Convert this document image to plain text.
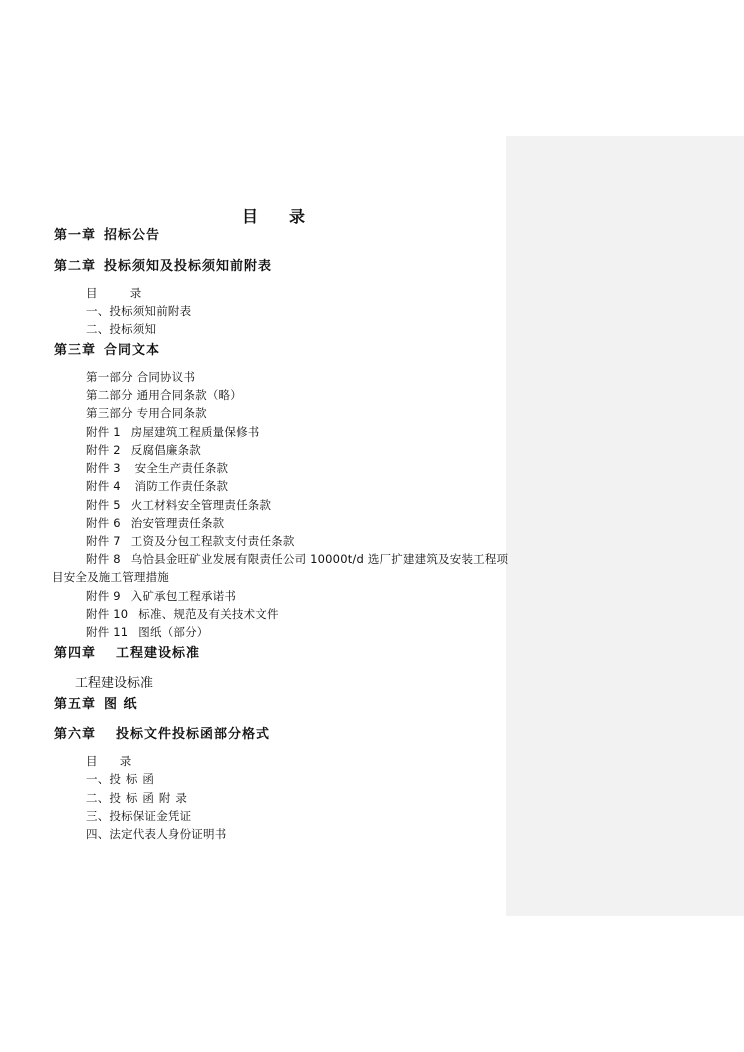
目 录
第一章 招标公告
第二章 投标须知及投标须知前附表
目	录
一、投标须知前附表
二、投标须知
第三章 合同文本
第一部分 合同协议书
第二部分 通用合同条款（略）
第三部分 专用合同条款
附件 1 房屋建筑工程质量保修书
附件 2 反腐倡廉条款
附件 3 安全生产责任条款
附件 4 消防工作责任条款
附件 5 火工材料安全管理责任条款
附件 6 治安管理责任条款
附件 7 工资及分包工程款支付责任条款
附件 8 乌恰县金旺矿业发展有限责任公司 10000t/d 选厂扩建建筑及安装工程项
目安全及施工管理措施
附件 9 入矿承包工程承诺书
附件 10 标准、规范及有关技术文件
附件 11 图纸（部分）
第四章 工程建设标准
工程建设标准
第五章 图 纸
第六章 投标文件投标函部分格式
目 录
一、投标函
二、投标函附录
三、投标保证金凭证
四、法定代表人身份证明书
